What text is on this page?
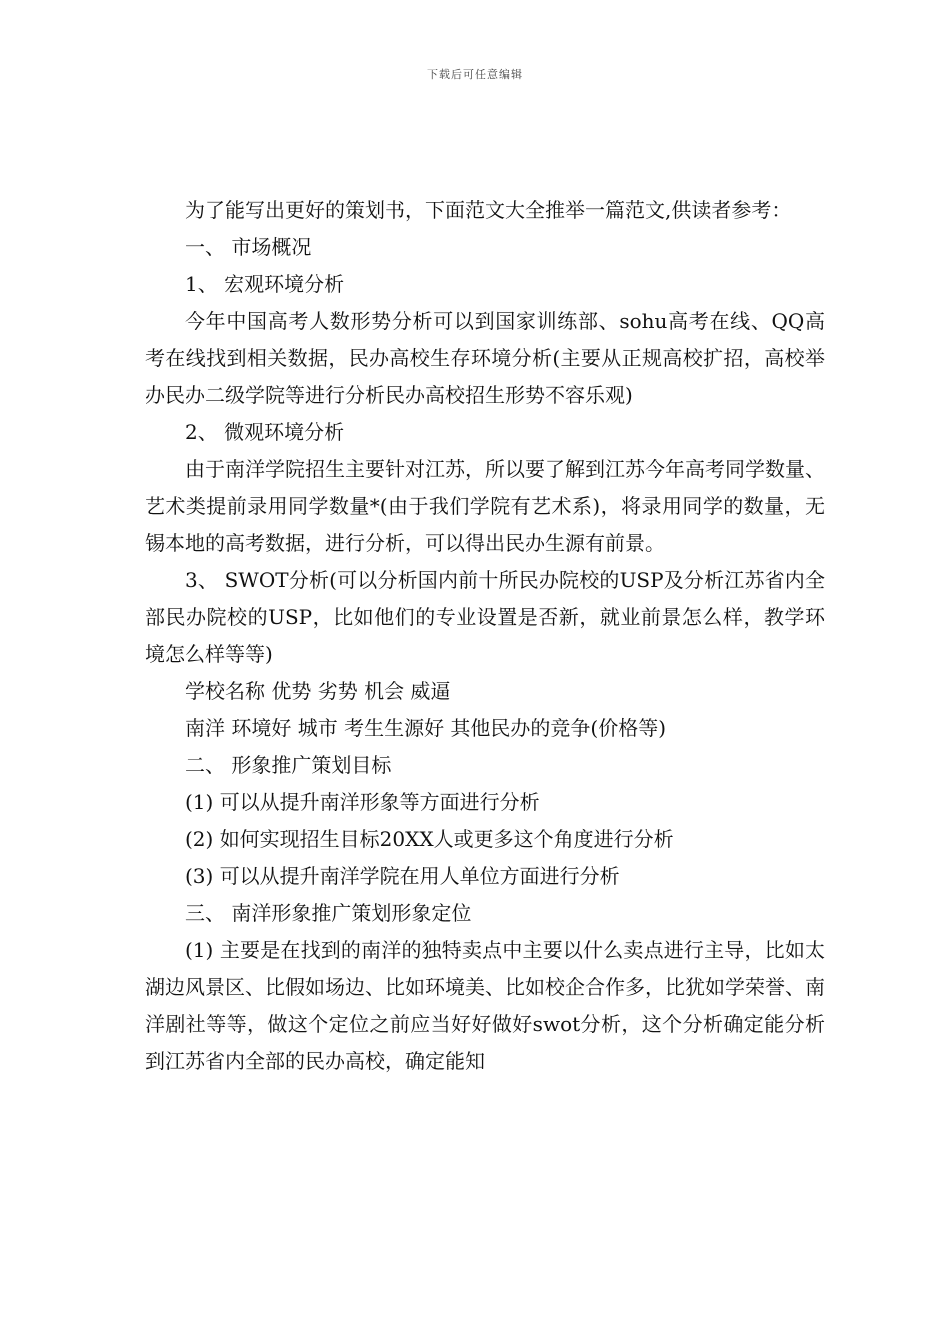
下载后可任意编辑

为了能写出更好的策划书，下面范文大全推举一篇范文,供读者参考：

一、 市场概况

1、 宏观环境分析

今年中国高考人数形势分析可以到国家训练部、sohu高考在线、QQ高考在线找到相关数据，民办高校生存环境分析(主要从正规高校扩招，高校举办民办二级学院等进行分析民办高校招生形势不容乐观)

2、 微观环境分析

由于南洋学院招生主要针对江苏，所以要了解到江苏今年高考同学数量、艺术类提前录用同学数量*(由于我们学院有艺术系)，将录用同学的数量，无锡本地的高考数据，进行分析，可以得出民办生源有前景。

3、 SWOT分析(可以分析国内前十所民办院校的USP及分析江苏省内全部民办院校的USP，比如他们的专业设置是否新，就业前景怎么样，教学环境怎么样等等)

学校名称 优势 劣势 机会 威逼

南洋 环境好 城市 考生生源好 其他民办的竞争(价格等)

二、 形象推广策划目标

(1) 可以从提升南洋形象等方面进行分析

(2) 如何实现招生目标20XX人或更多这个角度进行分析

(3) 可以从提升南洋学院在用人单位方面进行分析

三、 南洋形象推广策划形象定位

(1) 主要是在找到的南洋的独特卖点中主要以什么卖点进行主导，比如太湖边风景区、比假如场边、比如环境美、比如校企合作多，比犹如学荣誉、南洋剧社等等，做这个定位之前应当好好做好swot分析，这个分析确定能分析到江苏省内全部的民办高校，确定能知
